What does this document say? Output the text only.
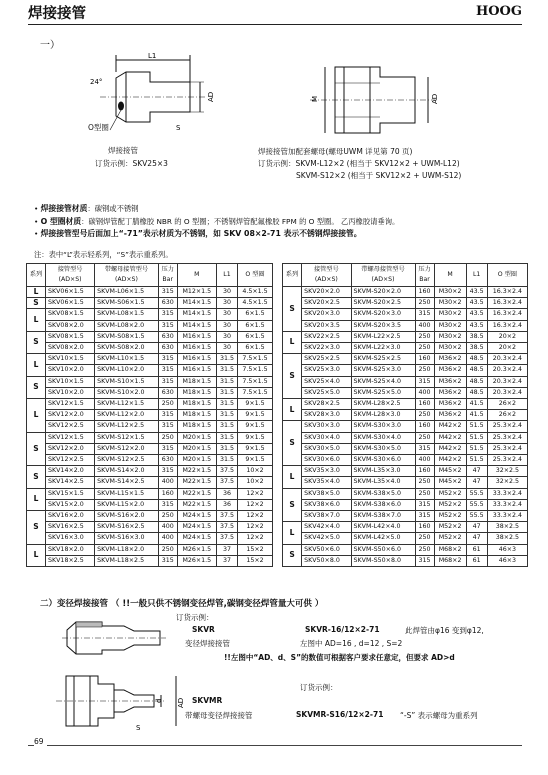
焊接接管	HOOG
一）
L1
24°
AD
S
O型圈
焊接接管
订货示例：SKV25×3
M	AD
焊接接管加配套螺母(螺母UWM 详见第 70 页)
订货示例：SKVM-L12×2 (相当于 SKV12×2 + UWM-L12)
SKVM-S12×2 (相当于 SKV12×2 + UWM-S12)
• 焊接接管材质：碳钢或不锈钢
• O 型圈材质：碳钢焊管配丁腈橡胶 NBR 的 O 型圈；不锈钢焊管配氟橡胶 FPM 的 O 型圈。 乙丙橡胶请垂询。
• 焊接接管型号后面加上“-71”表示材质为不锈钢，如 SKV 08×2-71 表示不锈钢焊接接管。
注：表中“L”表示轻系列，“S”表示重系列。
系列	接管型号
(AD×S)	带螺母接管型号
(AD×S)	压力
Bar	M	L1	O 型圈
L	SKV06×1.5	SKVM-L06×1.5	315	M12×1.5	30	4.5×1.5
S	SKV06×1.5	SKVM-S06×1.5	630	M14×1.5	30	4.5×1.5
L	SKV08×1.5	SKVM-L08×1.5	315	M14×1.5	30	6×1.5
	SKV08×2.0	SKVM-L08×2.0	315	M14×1.5	30	6×1.5
S	SKV08×1.5	SKVM-S08×1.5	630	M16×1.5	30	6×1.5
	SKV08×2.0	SKVM-S08×2.0	630	M16×1.5	30	6×1.5
L	SKV10×1.5	SKVM-L10×1.5	315	M16×1.5	31.5	7.5×1.5
	SKV10×2.0	SKVM-L10×2.0	315	M16×1.5	31.5	7.5×1.5
S	SKV10×1.5	SKVM-S10×1.5	315	M18×1.5	31.5	7.5×1.5
	SKV10×2.0	SKVM-S10×2.0	630	M18×1.5	31.5	7.5×1.5
L	SKV12×1.5	SKVM-L12×1.5	250	M18×1.5	31.5	9×1.5
	SKV12×2.0	SKVM-L12×2.0	315	M18×1.5	31.5	9×1.5
	SKV12×2.5	SKVM-L12×2.5	315	M18×1.5	31.5	9×1.5
S	SKV12×1.5	SKVM-S12×1.5	250	M20×1.5	31.5	9×1.5
	SKV12×2.0	SKVM-S12×2.0	315	M20×1.5	31.5	9×1.5
	SKV12×2.5	SKVM-S12×2.5	630	M20×1.5	31.5	9×1.5
S	SKV14×2.0	SKVM-S14×2.0	315	M22×1.5	37.5	10×2
	SKV14×2.5	SKVM-S14×2.5	400	M22×1.5	37.5	10×2
L	SKV15×1.5	SKVM-L15×1.5	160	M22×1.5	36	12×2
	SKV15×2.0	SKVM-L15×2.0	315	M22×1.5	36	12×2
S	SKV16×2.0	SKVM-S16×2.0	250	M24×1.5	37.5	12×2
	SKV16×2.5	SKVM-S16×2.5	400	M24×1.5	37.5	12×2
	SKV16×3.0	SKVM-S16×3.0	400	M24×1.5	37.5	12×2
L	SKV18×2.0	SKVM-L18×2.0	250	M26×1.5	37	15×2
	SKV18×2.5	SKVM-L18×2.5	315	M26×1.5	37	15×2
系列	接管型号
(AD×S)	带螺母接管型号
(AD×S)	压力
Bar	M	L1	O 型圈
S	SKV20×2.0	SKVM-S20×2.0	160	M30×2	43.5	16.3×2.4
	SKV20×2.5	SKVM-S20×2.5	250	M30×2	43.5	16.3×2.4
	SKV20×3.0	SKVM-S20×3.0	315	M30×2	43.5	16.3×2.4
	SKV20×3.5	SKVM-S20×3.5	400	M30×2	43.5	16.3×2.4
L	SKV22×2.5	SKVM-L22×2.5	250	M30×2	38.5	20×2
	SKV22×3.0	SKVM-L22×3.0	250	M30×2	38.5	20×2
S	SKV25×2.5	SKVM-S25×2.5	160	M36×2	48.5	20.3×2.4
	SKV25×3.0	SKVM-S25×3.0	250	M36×2	48.5	20.3×2.4
	SKV25×4.0	SKVM-S25×4.0	315	M36×2	48.5	20.3×2.4
	SKV25×5.0	SKVM-S25×5.0	400	M36×2	48.5	20.3×2.4
L	SKV28×2.5	SKVM-L28×2.5	160	M36×2	41.5	26×2
	SKV28×3.0	SKVM-L28×3.0	250	M36×2	41.5	26×2
S	SKV30×3.0	SKVM-S30×3.0	160	M42×2	51.5	25.3×2.4
	SKV30×4.0	SKVM-S30×4.0	250	M42×2	51.5	25.3×2.4
	SKV30×5.0	SKVM-S30×5.0	315	M42×2	51.5	25.3×2.4
	SKV30×6.0	SKVM-S30×6.0	400	M42×2	51.5	25.3×2.4
L	SKV35×3.0	SKVM-L35×3.0	160	M45×2	47	32×2.5
	SKV35×4.0	SKVM-L35×4.0	250	M45×2	47	32×2.5
S	SKV38×5.0	SKVM-S38×5.0	250	M52×2	55.5	33.3×2.4
	SKV38×6.0	SKVM-S38×6.0	315	M52×2	55.5	33.3×2.4
	SKV38×7.0	SKVM-S38×7.0	315	M52×2	55.5	33.3×2.4
L	SKV42×4.0	SKVM-L42×4.0	160	M52×2	47	38×2.5
	SKV42×5.0	SKVM-L42×5.0	250	M52×2	47	38×2.5
S	SKV50×6.0	SKVM-S50×6.0	250	M68×2	61	46×3
	SKV50×8.0	SKVM-S50×8.0	315	M68×2	61	46×3
二）变径焊接接管 （ !!一般只供不锈钢变径焊管,碳钢变径焊管量大可供 ）
订货示例：
SKVR	SKVR-16/12×2-71	此焊管由φ16 变到φ12,
变径焊接接管	左图中 AD=16 , d=12 , S=2
!!左图中“AD、d、S”的数值可根据客户要求任意定，但要求 AD>d
d AD
S
订货示例：
SKVMR
带螺母变径焊接接管	SKVMR-S16/12×2-71 “-S” 表示螺母为重系列
69
